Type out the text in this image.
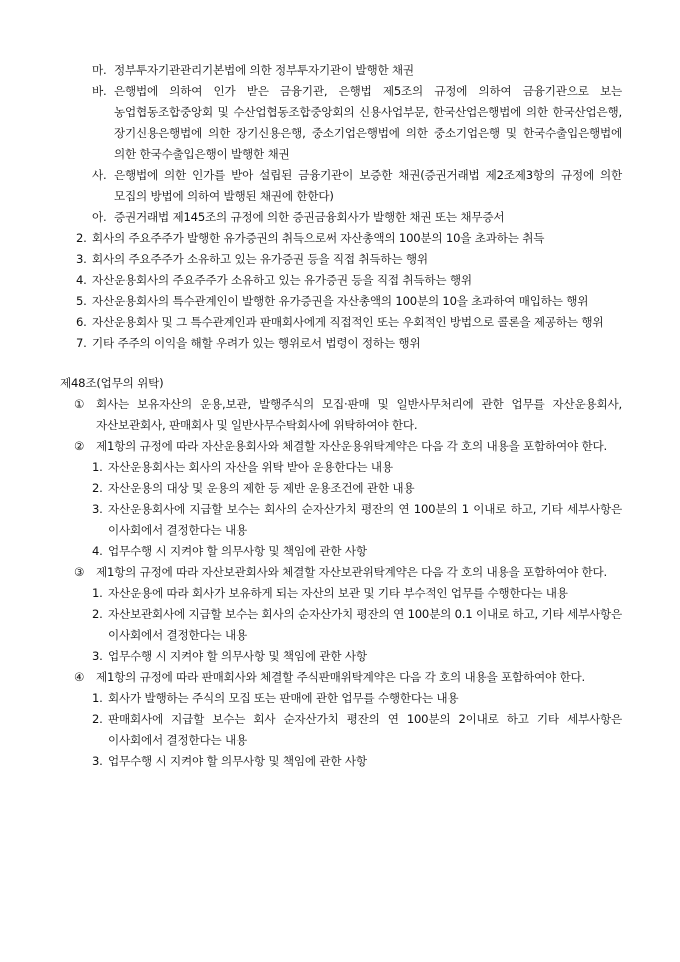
마. 정부투자기관관리기본법에 의한 정부투자기관이 발행한 채권
바. 은행법에 의하여 인가 받은 금융기관, 은행법 제5조의 규정에 의하여 금융기관으로 보는 농업협동조합중앙회 및 수산업협동조합중앙회의 신용사업부문, 한국산업은행법에 의한 한국산업은행, 장기신용은행법에 의한 장기신용은행, 중소기업은행법에 의한 중소기업은행 및 한국수출입은행법에 의한 한국수출입은행이 발행한 채권
사. 은행법에 의한 인가를 받아 설립된 금융기관이 보증한 채권(증권거래법 제2조제3항의 규정에 의한 모집의 방법에 의하여 발행된 채권에 한한다)
아. 증권거래법 제145조의 규정에 의한 증권금융회사가 발행한 채권 또는 채무증서
2. 회사의 주요주주가 발행한 유가증권의 취득으로써 자산총액의 100분의 10을 초과하는 취득
3. 회사의 주요주주가 소유하고 있는 유가증권 등을 직접 취득하는 행위
4. 자산운용회사의 주요주주가 소유하고 있는 유가증권 등을 직접 취득하는 행위
5. 자산운용회사의 특수관계인이 발행한 유가증권을 자산총액의 100분의 10을 초과하여 매입하는 행위
6. 자산운용회사 및 그 특수관계인과 판매회사에게 직접적인 또는 우회적인 방법으로 콜론을 제공하는 행위
7. 기타 주주의 이익을 해할 우려가 있는 행위로서 법령이 정하는 행위
제48조(업무의 위탁)
①	회사는 보유자산의 운용,보관, 발행주식의 모집·판매 및 일반사무처리에 관한 업무를 자산운용회사, 자산보관회사, 판매회사 및 일반사무수탁회사에 위탁하여야 한다.
②	제1항의 규정에 따라 자산운용회사와 체결할 자산운용위탁계약은 다음 각 호의 내용을 포함하여야 한다.
1. 자산운용회사는 회사의 자산을 위탁 받아 운용한다는 내용
2. 자산운용의 대상 및 운용의 제한 등 제반 운용조건에 관한 내용
3. 자산운용회사에 지급할 보수는 회사의 순자산가치 평잔의 연 100분의 1 이내로 하고, 기타 세부사항은 이사회에서 결정한다는 내용
4. 업무수행 시 지켜야 할 의무사항 및 책임에 관한 사항
③	제1항의 규정에 따라 자산보관회사와 체결할 자산보관위탁계약은 다음 각 호의 내용을 포함하여야 한다.
1. 자산운용에 따라 회사가 보유하게 되는 자산의 보관 및 기타 부수적인 업무를 수행한다는 내용
2. 자산보관회사에 지급할 보수는 회사의 순자산가치 평잔의 연 100분의 0.1 이내로 하고, 기타 세부사항은 이사회에서 결정한다는 내용
3. 업무수행 시 지켜야 할 의무사항 및 책임에 관한 사항
④	제1항의 규정에 따라 판매회사와 체결할 주식판매위탁계약은 다음 각 호의 내용을 포함하여야 한다.
1. 회사가 발행하는 주식의 모집 또는 판매에 관한 업무를 수행한다는 내용
2. 판매회사에 지급할 보수는 회사 순자산가치 평잔의 연 100분의 2이내로 하고 기타 세부사항은 이사회에서 결정한다는 내용
3. 업무수행 시 지켜야 할 의무사항 및 책임에 관한 사항
